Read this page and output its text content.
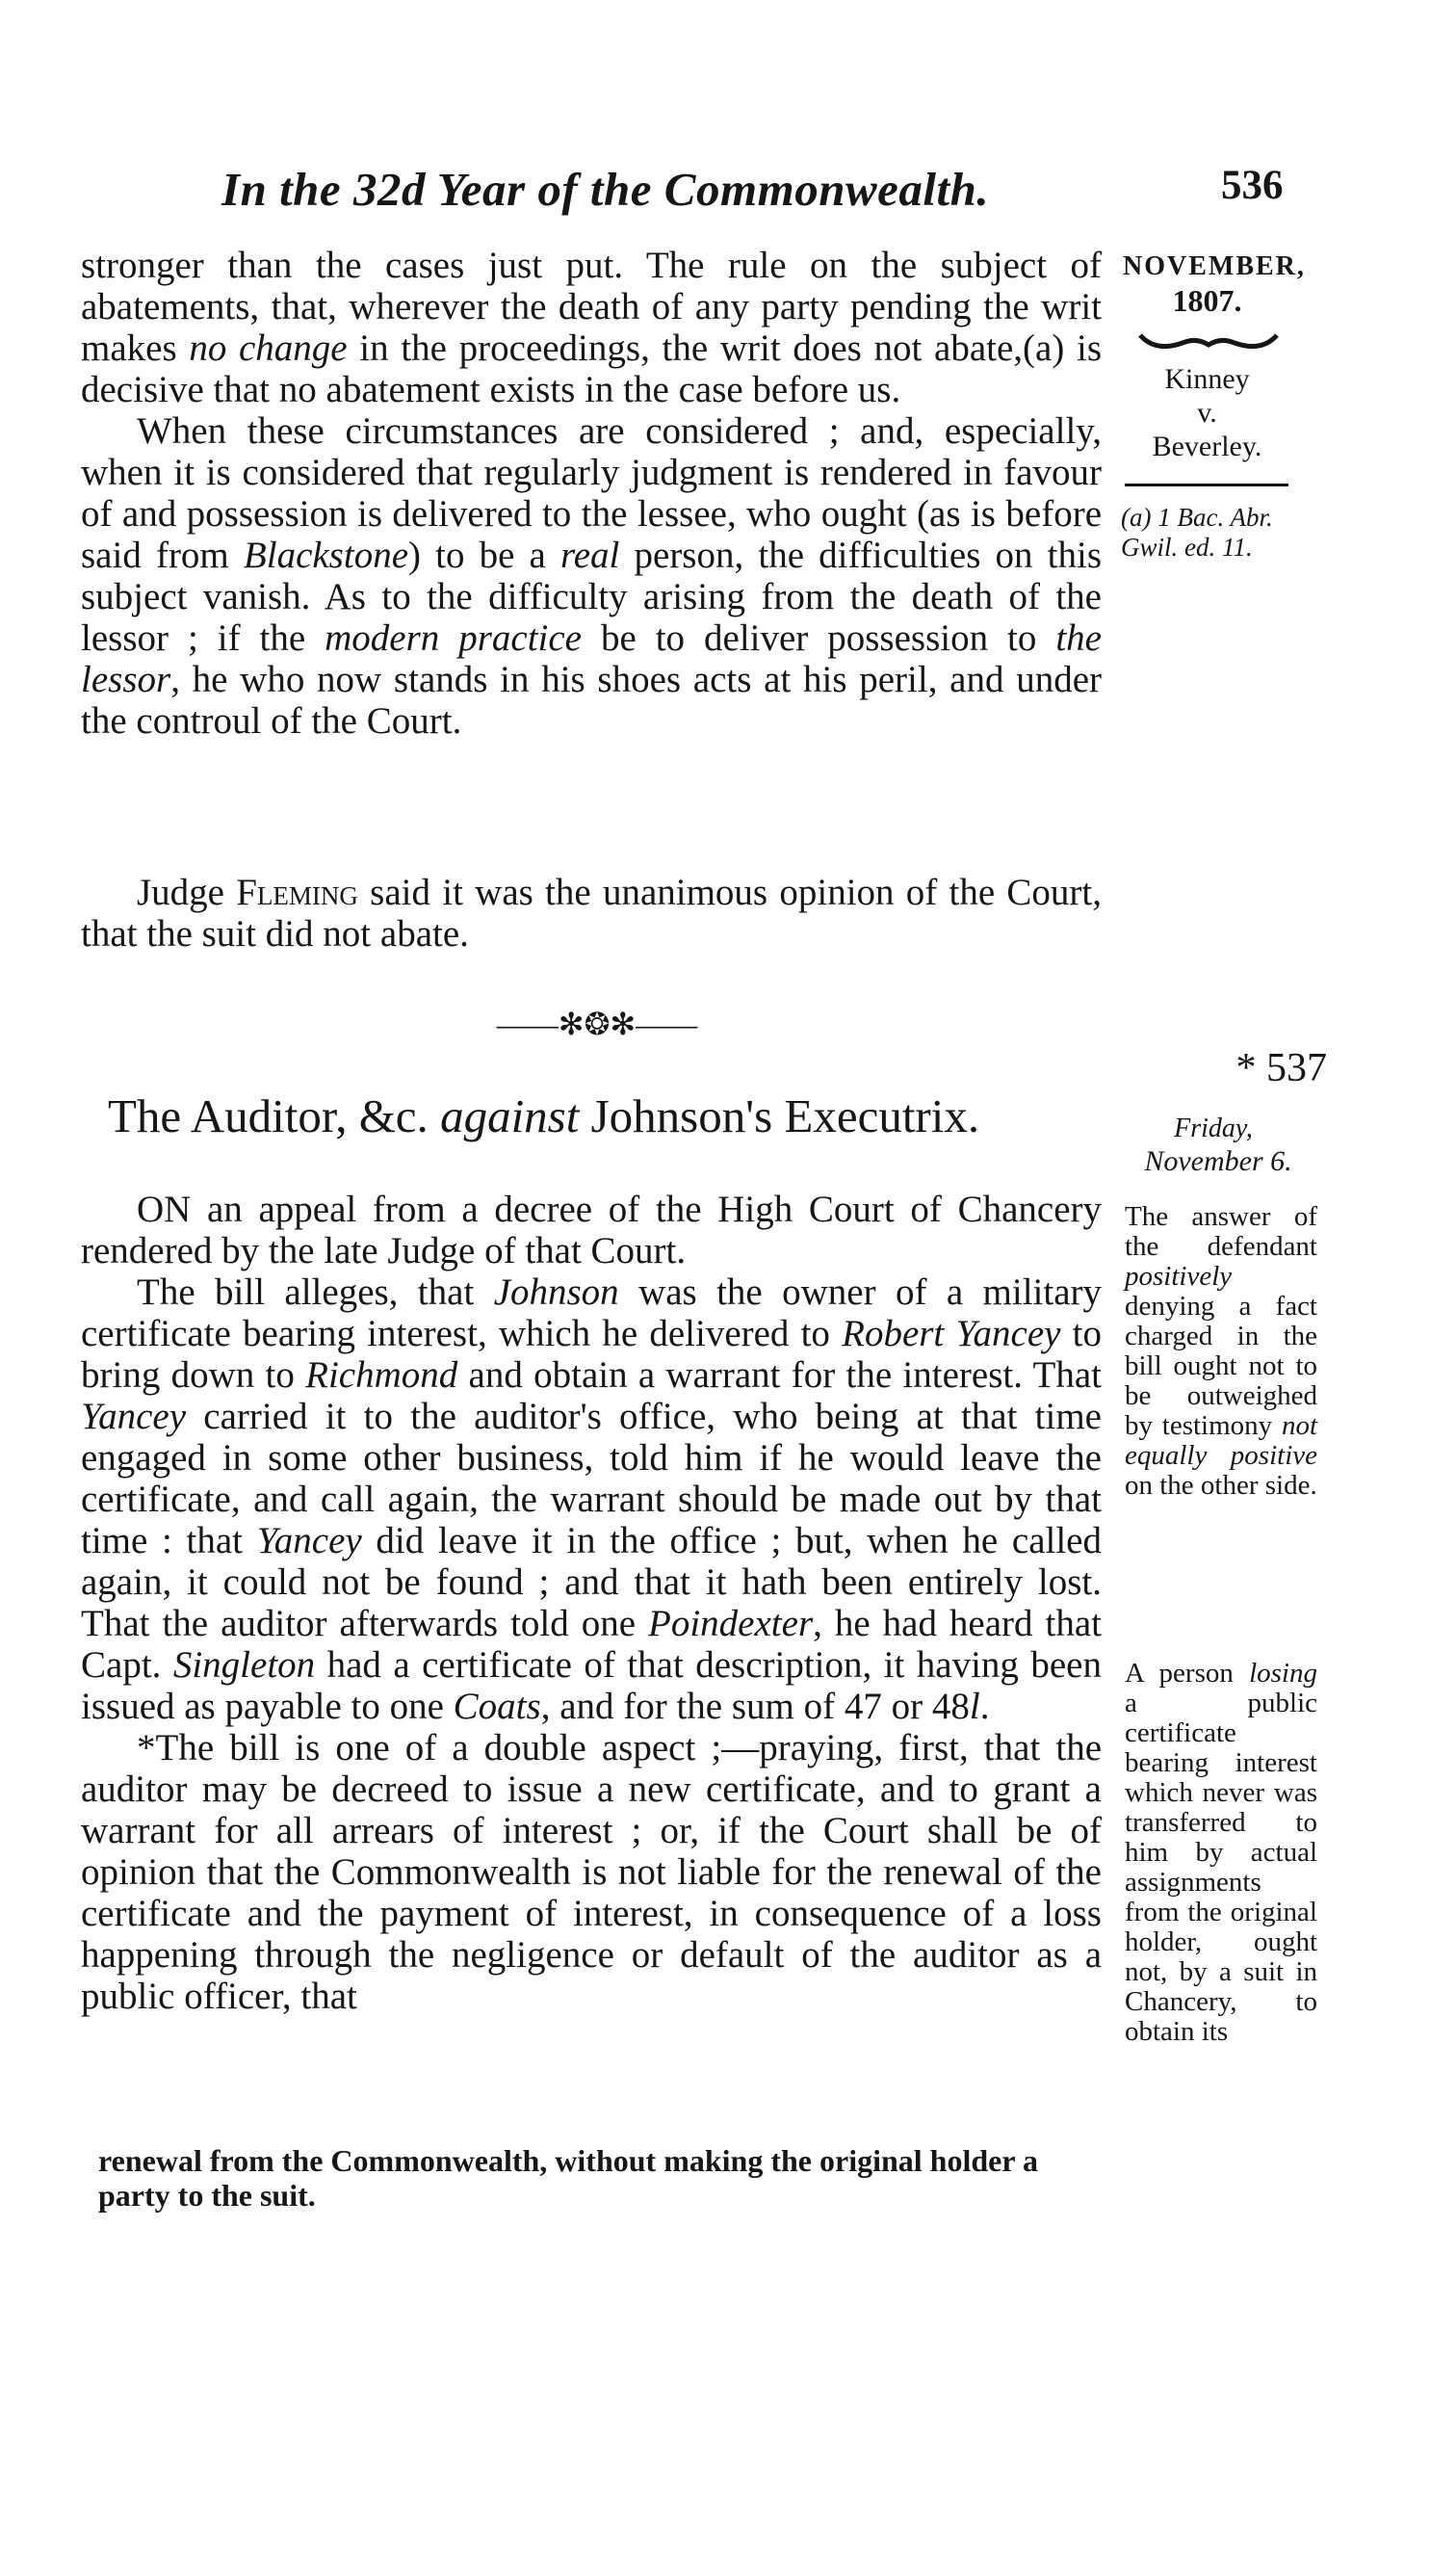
In the 32d Year of the Commonwealth.	536
NOVEMBER,
1807.
Kinney
v.
Beverley.
(a) 1 Bac. Abr. Gwil. ed. 11.

stronger than the cases just put. The rule on the subject of abatements, that, wherever the death of any party pending the writ makes no change in the proceedings, the writ does not abate,(a) is decisive that no abatement exists in the case before us.

When these circumstances are considered ; and, especially, when it is considered that regularly judgment is rendered in favour of and possession is delivered to the lessee, who ought (as is before said from Blackstone) to be a real person, the difficulties on this subject vanish. As to the difficulty arising from the death of the lessor ; if the modern practice be to deliver possession to the lessor, he who now stands in his shoes acts at his peril, and under the controul of the Court.

Judge Fleming said it was the unanimous opinion of the Court, that the suit did not abate.

——✻❂✻——
* 537
The Auditor, &c. against Johnson's Executrix.	Friday,
November 6.

ON an appeal from a decree of the High Court of Chancery rendered by the late Judge of that Court.

The bill alleges, that Johnson was the owner of a military certificate bearing interest, which he delivered to Robert Yancey to bring down to Richmond and obtain a warrant for the interest. That Yancey carried it to the auditor's office, who being at that time engaged in some other business, told him if he would leave the certificate, and call again, the warrant should be made out by that time : that Yancey did leave it in the office ; but, when he called again, it could not be found ; and that it hath been entirely lost. That the auditor afterwards told one Poindexter, he had heard that Capt. Singleton had a certificate of that description, it having been issued as payable to one Coats, and for the sum of 47 or 48l.

*The bill is one of a double aspect ;—praying, first, that the auditor may be decreed to issue a new certificate, and to grant a warrant for all arrears of interest ; or, if the Court shall be of opinion that the Commonwealth is not liable for the renewal of the certificate and the payment of interest, in consequence of a loss happening through the negligence or default of the auditor as a public officer, that

The answer of the defendant positively denying a fact charged in the bill ought not to be outweighed by testimony not equally positive on the other side.
A person losing a public certificate bearing interest which never was transferred to him by actual assignments from the original holder, ought not, by a suit in Chancery, to obtain its
renewal from the Commonwealth, without making the original holder a party to the suit.
